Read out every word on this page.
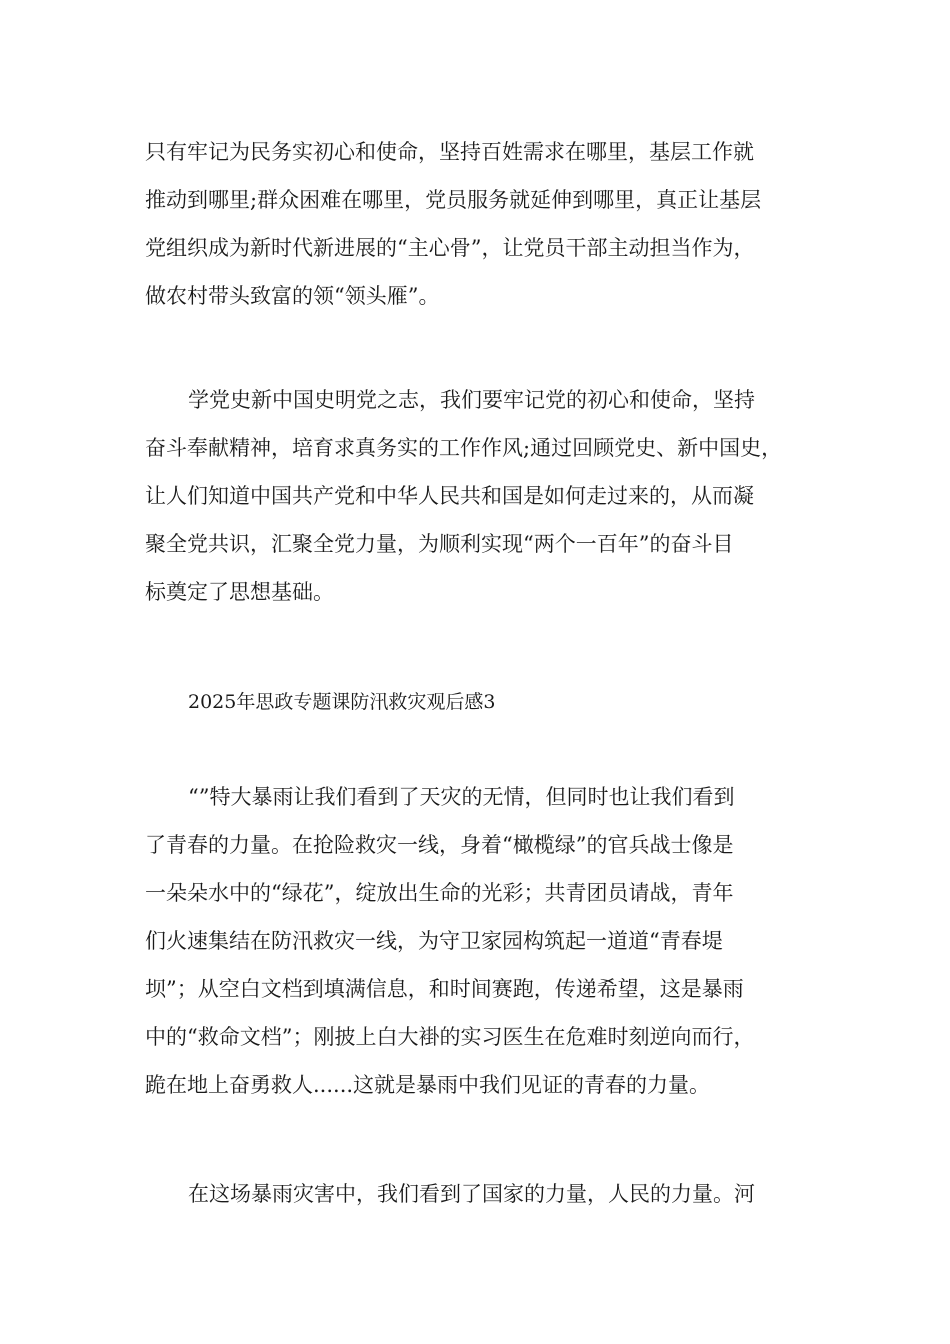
只有牢记为民务实初心和使命，坚持百姓需求在哪里，基层工作就
推动到哪里;群众困难在哪里，党员服务就延伸到哪里，真正让基层
党组织成为新时代新进展的“主心骨”，让党员干部主动担当作为，
做农村带头致富的领“领头雁”。
学党史新中国史明党之志，我们要牢记党的初心和使命，坚持
奋斗奉献精神，培育求真务实的工作作风;通过回顾党史、新中国史，
让人们知道中国共产党和中华人民共和国是如何走过来的，从而凝
聚全党共识，汇聚全党力量，为顺利实现“两个一百年”的奋斗目
标奠定了思想基础。

2025年思政专题课防汛救灾观后感3

“”特大暴雨让我们看到了天灾的无情，但同时也让我们看到
了青春的力量。在抢险救灾一线，身着“橄榄绿”的官兵战士像是
一朵朵水中的“绿花”，绽放出生命的光彩；共青团员请战，青年
们火速集结在防汛救灾一线，为守卫家园构筑起一道道“青春堤
坝”；从空白文档到填满信息，和时间赛跑，传递希望，这是暴雨
中的“救命文档”；刚披上白大褂的实习医生在危难时刻逆向而行，
跪在地上奋勇救人......这就是暴雨中我们见证的青春的力量。
在这场暴雨灾害中，我们看到了国家的力量，人民的力量。河
